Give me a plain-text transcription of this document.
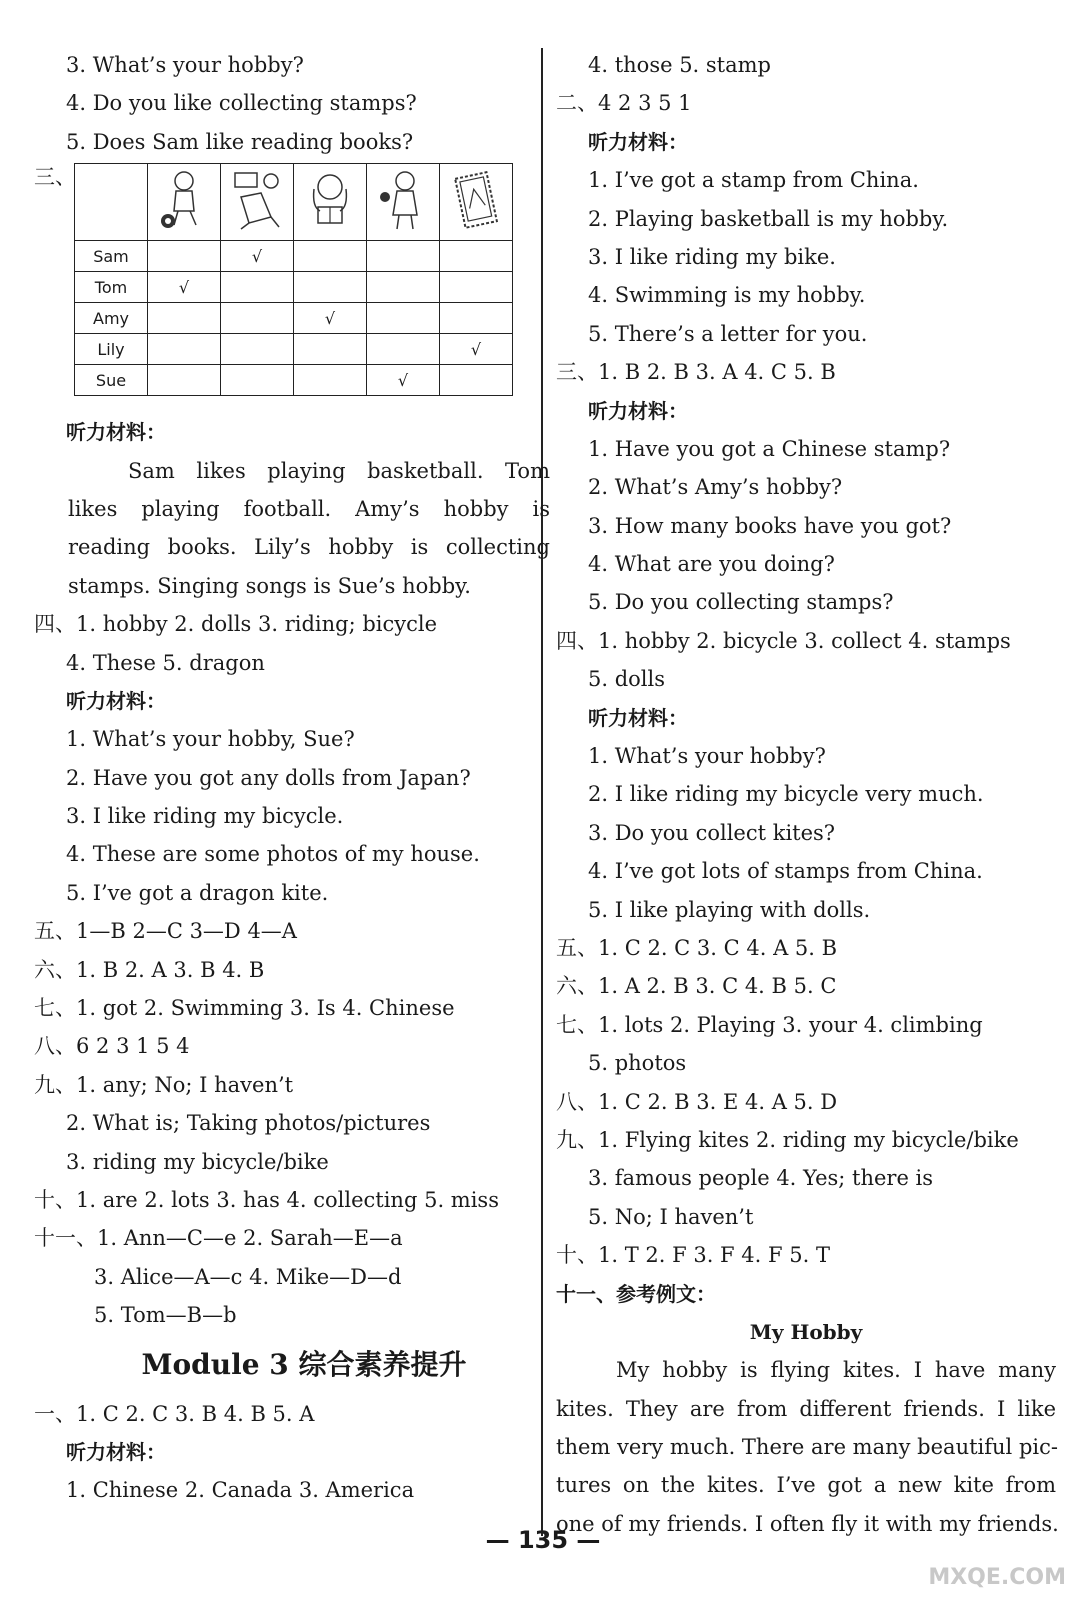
3. What’s your hobby?
4. Do you like collecting stamps?
5. Does Sam like reading books?
三、

Sam		√			
Tom	√				
Amy			√		
Lily					√
Sue				√	
听力材料：
Sam likes playing basketball. Tom
likes playing football. Amy’s hobby is
reading books. Lily’s hobby is collecting
stamps. Singing songs is Sue’s hobby.
四、1. hobby 2. dolls 3. riding; bicycle
4. These 5. dragon
听力材料：
1. What’s your hobby, Sue?
2. Have you got any dolls from Japan?
3. I like riding my bicycle.
4. These are some photos of my house.
5. I’ve got a dragon kite.
五、1—B 2—C 3—D 4—A
六、1. B 2. A 3. B 4. B
七、1. got 2. Swimming 3. Is 4. Chinese
八、6 2 3 1 5 4
九、1. any; No; I haven’t
2. What is; Taking photos/pictures
3. riding my bicycle/bike
十、1. are 2. lots 3. has 4. collecting 5. miss
十一、1. Ann—C—e 2. Sarah—E—a
3. Alice—A—c 4. Mike—D—d
5. Tom—B—b
Module 3 综合素养提升
一、1. C 2. C 3. B 4. B 5. A
听力材料：
1. Chinese 2. Canada 3. America
4. those 5. stamp
二、4 2 3 5 1
听力材料：
1. I’ve got a stamp from China.
2. Playing basketball is my hobby.
3. I like riding my bike.
4. Swimming is my hobby.
5. There’s a letter for you.
三、1. B 2. B 3. A 4. C 5. B
听力材料：
1. Have you got a Chinese stamp?
2. What’s Amy’s hobby?
3. How many books have you got?
4. What are you doing?
5. Do you collecting stamps?
四、1. hobby 2. bicycle 3. collect 4. stamps
5. dolls
听力材料：
1. What’s your hobby?
2. I like riding my bicycle very much.
3. Do you collect kites?
4. I’ve got lots of stamps from China.
5. I like playing with dolls.
五、1. C 2. C 3. C 4. A 5. B
六、1. A 2. B 3. C 4. B 5. C
七、1. lots 2. Playing 3. your 4. climbing
5. photos
八、1. C 2. B 3. E 4. A 5. D
九、1. Flying kites 2. riding my bicycle/bike
3. famous people 4. Yes; there is
5. No; I haven’t
十、1. T 2. F 3. F 4. F 5. T
十一、参考例文：
My Hobby
My hobby is flying kites. I have many
kites. They are from different friends. I like
them very much. There are many beautiful pic-
tures on the kites. I’ve got a new kite from
one of my friends. I often fly it with my friends.
— 135 —
MXQE.COM
